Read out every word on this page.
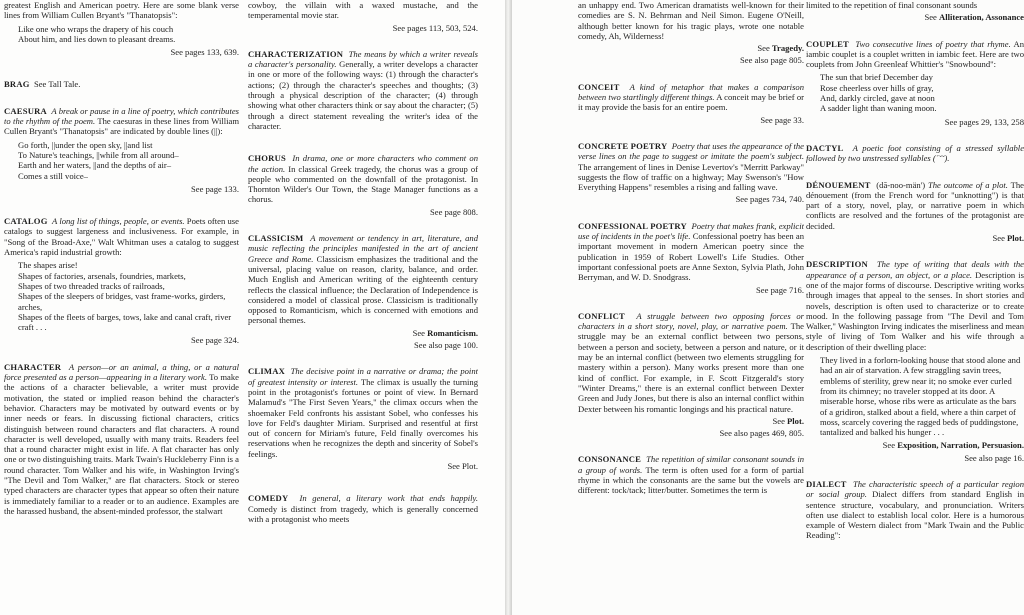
greatest English and American poetry. Here are some blank verse lines from William Cullen Bryant's "Thanatopsis":

Like one who wraps the drapery of his couch
About him, and lies down to pleasant dreams.
See pages 133, 639.

BRAG See Tall Tale.

CAESURA A break or pause in a line of poetry, which contributes to the rhythm of the poem. The caesuras in these lines from William Cullen Bryant's "Thanatopsis" are indicated by double lines (||):

Go forth, ||under the open sky, ||and list
To Nature's teachings, ||while from all around–
Earth and her waters, ||and the depths of air–
Comes a still voice–
See page 133.

CATALOG A long list of things, people, or events. Poets often use catalogs to suggest largeness and inclusiveness. For example, in "Song of the Broad-Axe," Walt Whitman uses a catalog to suggest America's rapid industrial growth:

The shapes arise!
Shapes of factories, arsenals, foundries, markets,
Shapes of two threaded tracks of railroads,
Shapes of the sleepers of bridges, vast frame-works, girders, arches,
Shapes of the fleets of barges, tows, lake and canal craft, river craft . . .
See page 324.

CHARACTER A person—or an animal, a thing, or a natural force presented as a person—appearing in a literary work. To make the actions of a character believable, a writer must provide motivation, the stated or implied reason behind the character's behavior. Characters may be motivated by outward events or by inner needs or fears. In discussing fictional characters, critics distinguish between round characters and flat characters. A round character is well developed, usually with many traits. Readers feel that a round character might exist in life. A flat character has only one or two distinguishing traits. Mark Twain's Huckleberry Finn is a round character. Tom Walker and his wife, in Washington Irving's "The Devil and Tom Walker," are flat characters. Stock or stereo typed characters are character types that appear so often their nature is immediately familiar to a reader or to an audience. Examples are the harassed husband, the absent-minded professor, the stalwart

cowboy, the villain with a waxed mustache, and the temperamental movie star.

See pages 113, 503, 524.

CHARACTERIZATION The means by which a writer reveals a character's personality. Generally, a writer develops a character in one or more of the following ways: (1) through the character's actions; (2) through the character's speeches and thoughts; (3) through a physical description of the character; (4) through showing what other characters think or say about the character; (5) through a direct statement revealing the writer's idea of the character.

CHORUS In drama, one or more characters who comment on the action. In classical Greek tragedy, the chorus was a group of people who commented on the downfall of the protagonist. In Thornton Wilder's Our Town, the Stage Manager functions as a chorus.

See page 808.

CLASSICISM A movement or tendency in art, literature, and music reflecting the principles manifested in the art of ancient Greece and Rome. Classicism emphasizes the traditional and the universal, placing value on reason, clarity, balance, and order. Much English and American writing of the eighteenth century reflects the classical influence; the Declaration of Independence is considered a model of classical prose. Classicism is traditionally opposed to Romanticism, which is concerned with emotions and personal themes.

See Romanticism.
See also page 100.

CLIMAX The decisive point in a narrative or drama; the point of greatest intensity or interest. The climax is usually the turning point in the protagonist's fortunes or point of view. In Bernard Malamud's "The First Seven Years," the climax occurs when the shoemaker Feld confronts his assistant Sobel, who confesses his love for Feld's daughter Miriam. Surprised and resentful at first out of concern for Miriam's future, Feld finally overcomes his reservations when he recognizes the depth and sincerity of Sobel's feelings.

See Plot.

COMEDY In general, a literary work that ends happily. Comedy is distinct from tragedy, which is generally concerned with a protagonist who meets

an unhappy end. Two American dramatists well-known for their comedies are S. N. Behrman and Neil Simon. Eugene O'Neill, although better known for his tragic plays, wrote one notable comedy, Ah, Wilderness!

See Tragedy.
See also page 805.

CONCEIT A kind of metaphor that makes a comparison between two startlingly different things. A conceit may be brief or it may provide the basis for an entire poem.

See page 33.

CONCRETE POETRY Poetry that uses the appearance of the verse lines on the page to suggest or imitate the poem's subject. The arrangement of lines in Denise Levertov's "Merritt Parkway" suggests the flow of traffic on a highway; May Swenson's "How Everything Happens" resembles a rising and falling wave.

See pages 734, 740.

CONFESSIONAL POETRY Poetry that makes frank, explicit use of incidents in the poet's life. Confessional poetry has been an important movement in modern American poetry since the publication in 1959 of Robert Lowell's Life Studies. Other important confessional poets are Anne Sexton, Sylvia Plath, John Berryman, and W. D. Snodgrass.

See page 716.

CONFLICT A struggle between two opposing forces or characters in a short story, novel, play, or narrative poem. The struggle may be an external conflict between two persons, between a person and society, between a person and nature, or it may be an internal conflict (between two elements struggling for mastery within a person). Many works present more than one kind of conflict. For example, in F. Scott Fitzgerald's story "Winter Dreams," there is an external conflict between Dexter Green and Judy Jones, but there is also an internal conflict within Dexter between his romantic longings and his practical nature.

See Plot.
See also pages 469, 805.

CONSONANCE The repetition of similar consonant sounds in a group of words. The term is often used for a form of partial rhyme in which the consonants are the same but the vowels are different: tock/tack; litter/butter. Sometimes the term is

limited to the repetition of final consonant sounds

See Alliteration, Assonance

COUPLET Two consecutive lines of poetry that rhyme. An iambic couplet is a couplet written in iambic feet. Here are two couplets from John Greenleaf Whittier's "Snowbound":

The sun that brief December day
Rose cheerless over hills of gray,
And, darkly circled, gave at noon
A sadder light than waning moon.
See pages 29, 133, 258

DACTYL A poetic foot consisting of a stressed syllable followed by two unstressed syllables (´˘˘).

DÉNOUEMENT (dā-noo-män') The outcome of a plot. The dénouement (from the French word for "unknotting") is that part of a story, novel, play, or narrative poem in which conflicts are resolved and the fortunes of the protagonist are decided.

See Plot.

DESCRIPTION The type of writing that deals with the appearance of a person, an object, or a place. Description is one of the major forms of discourse. Descriptive writing works through images that appeal to the senses. In short stories and novels, description is often used to characterize or to create mood. In the following passage from "The Devil and Tom Walker," Washington Irving indicates the miserliness and mean style of living of Tom Walker and his wife through a description of their dwelling place:

They lived in a forlorn-looking house that stood alone and had an air of starvation. A few straggling savin trees, emblems of sterility, grew near it; no smoke ever curled from its chimney; no traveler stopped at its door. A miserable horse, whose ribs were as articulate as the bars of a gridiron, stalked about a field, where a thin carpet of moss, scarcely covering the ragged beds of puddingstone, tantalized and balked his hunger . . .
See Exposition, Narration, Persuasion.
See also page 16.

DIALECT The characteristic speech of a particular region or social group. Dialect differs from standard English in sentence structure, vocabulary, and pronunciation. Writers often use dialect to establish local color. Here is a humorous example of Western dialect from "Mark Twain and the Public Reading":
